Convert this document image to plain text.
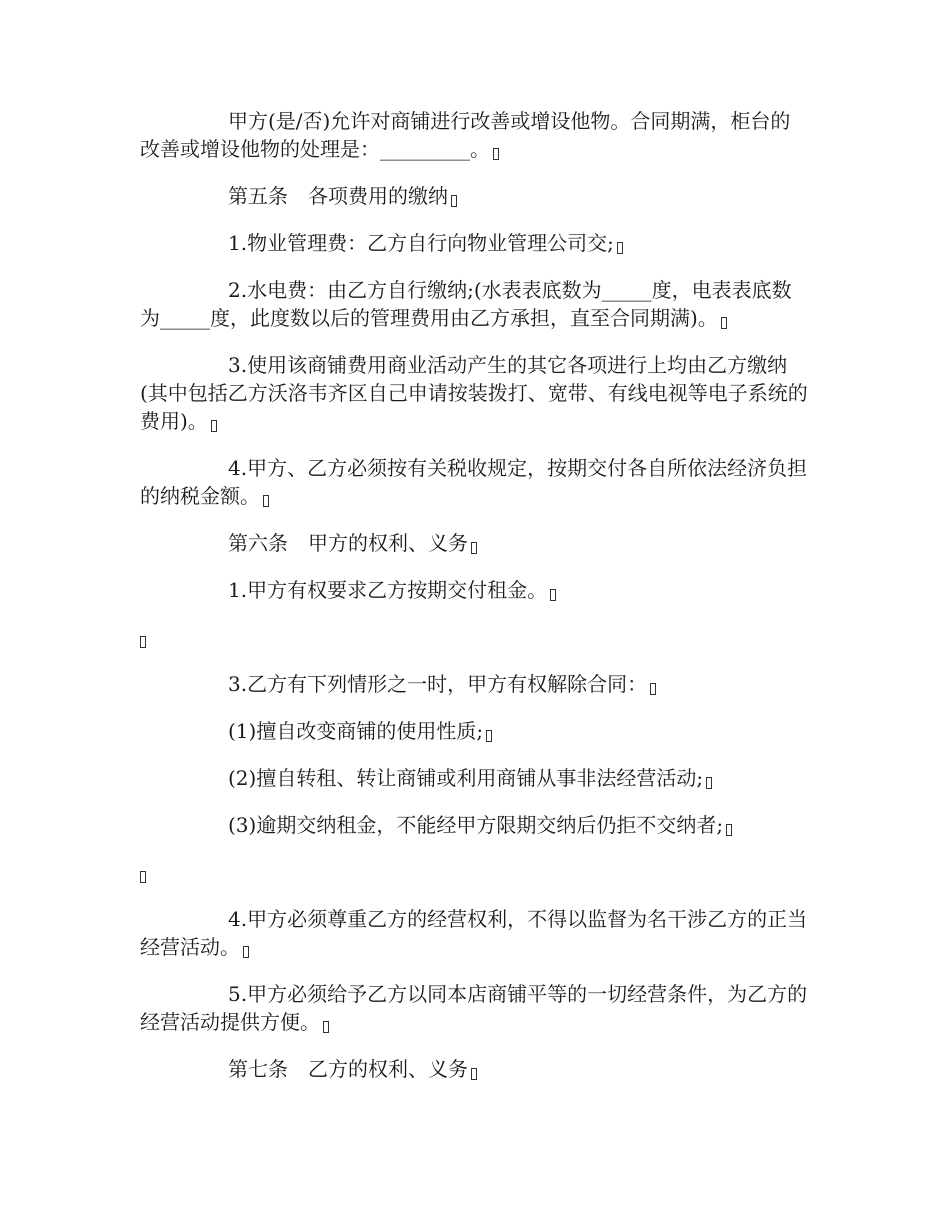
甲方(是/否)允许对商铺进行改善或增设他物。合同期满，柜台的改善或增设他物的处理是：_________。

第五条　各项费用的缴纳

1.物业管理费：乙方自行向物业管理公司交;

2.水电费：由乙方自行缴纳;(水表表底数为_____度，电表表底数为_____度，此度数以后的管理费用由乙方承担，直至合同期满)。

3.使用该商铺费用商业活动产生的其它各项进行上均由乙方缴纳(其中包括乙方沃洛韦齐区自己申请按装拨打、宽带、有线电视等电子系统的费用)。

4.甲方、乙方必须按有关税收规定，按期交付各自所依法经济负担的纳税金额。

第六条　甲方的权利、义务

1.甲方有权要求乙方按期交付租金。

3.乙方有下列情形之一时，甲方有权解除合同：

(1)擅自改变商铺的使用性质;

(2)擅自转租、转让商铺或利用商铺从事非法经营活动;

(3)逾期交纳租金，不能经甲方限期交纳后仍拒不交纳者;

4.甲方必须尊重乙方的经营权利，不得以监督为名干涉乙方的正当经营活动。

5.甲方必须给予乙方以同本店商铺平等的一切经营条件，为乙方的经营活动提供方便。

第七条　乙方的权利、义务
